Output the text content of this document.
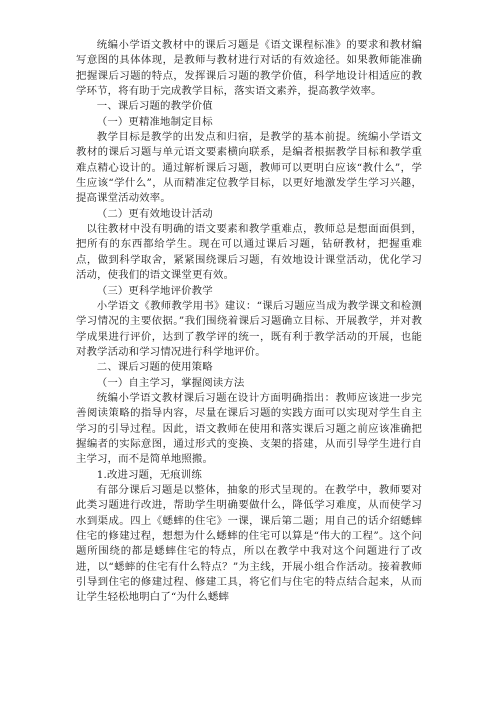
统编小学语文教材中的课后习题是《语文课程标准》的要求和教材编写意图的具体体现，是教师与教材进行对话的有效途径。如果教师能准确把握课后习题的特点，发挥课后习题的教学价值，科学地设计相适应的教学环节，将有助于完成教学目标，落实语文素养，提高教学效率。

一、课后习题的教学价值

（一）更精准地制定目标

教学目标是教学的出发点和归宿，是教学的基本前提。统编小学语文教材的课后习题与单元语文要素横向联系，是编者根据教学目标和教学重难点精心设计的。通过解析课后习题，教师可以更明白应该“教什么”，学生应该“学什么”，从而精准定位教学目标，以更好地激发学生学习兴趣，提高课堂活动效率。

（二）更有效地设计活动

以往教材中没有明确的语文要素和教学重难点，教师总是想面面俱到，把所有的东西都给学生。现在可以通过课后习题，钻研教材，把握重难点，做到科学取舍，紧紧围绕课后习题，有效地设计课堂活动，优化学习活动，使我们的语文课堂更有效。

（三）更科学地评价教学

小学语文《教师教学用书》建议：“课后习题应当成为教学课文和检测学习情况的主要依据。”我们围绕着课后习题确立目标、开展教学，并对教学成果进行评价，达到了教学评的统一，既有利于教学活动的开展，也能对教学活动和学习情况进行科学地评价。

二、课后习题的使用策略

（一）自主学习，掌握阅读方法

统编小学语文教材课后习题在设计方面明确指出：教师应该进一步完善阅读策略的指导内容，尽量在课后习题的实践方面可以实现对学生自主学习的引导过程。因此，语文教师在使用和落实课后习题之前应该准确把握编者的实际意图，通过形式的变换、支架的搭建，从而引导学生进行自主学习，而不是简单地照搬。

1.改进习题，无痕训练

有部分课后习题是以整体，抽象的形式呈现的。在教学中，教师要对此类习题进行改进，帮助学生明确要做什么，降低学习难度，从而使学习水到渠成。四上《蟋蟀的住宅》一课，课后第二题；用自己的话介绍蟋蟀住宅的修建过程，想想为什么蟋蟀的住宅可以算是“伟大的工程”。这个问题所围绕的都是蟋蟀住宅的特点，所以在教学中我对这个问题进行了改进，以“蟋蟀的住宅有什么特点？”为主线，开展小组合作活动。接着教师引导到住宅的修建过程、修建工具，将它们与住宅的特点结合起来，从而让学生轻松地明白了“为什么蟋蟀
